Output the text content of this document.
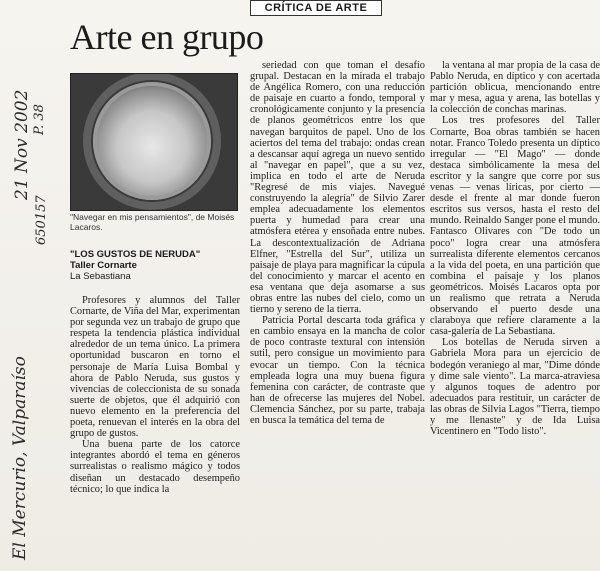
CRÍTICA DE ARTE
Arte en grupo
"Navegar en mis pensamientos", de Moisés Lacaros.
"LOS GUSTOS DE NERUDA"
Taller Cornarte
La Sebastiana

Profesores y alumnos del Taller Cornarte, de Viña del Mar, experimentan por segunda vez un trabajo de grupo que respeta la tendencia plástica individual alrededor de un tema único. La primera oportunidad buscaron en torno el personaje de María Luisa Bombal y ahora de Pablo Neruda, sus gustos y vivencias de coleccionista de su sonada suerte de objetos, que él adquirió con nuevo elemento en la preferencia del poeta, renuevan el interés en la obra del grupo de gustos.

Una buena parte de los catorce integrantes abordó el tema en géneros surrealistas o realismo mágico y todos diseñan un destacado desempeño técnico; lo que indica la

seriedad con que toman el desafío grupal. Destacan en la mirada el trabajo de Angélica Romero, con una reducción de paisaje en cuarto a fondo, temporal y cronológicamente conjunto y la presencia de planos geométricos entre los que navegan barquitos de papel. Uno de los aciertos del tema del trabajo: ondas crean a descansar aquí agrega un nuevo sentido al "navegar en papel", que a su vez, implica en todo el arte de Neruda "Regresé de mis viajes. Navegué construyendo la alegría" de Silvio Zarer emplea adecuadamente los elementos puerta y humedad para crear una atmósfera etérea y ensoñada entre nubes. La descontextualización de Adriana Elfner, "Estrella del Sur", utiliza un paisaje de playa para magnificar la cúpula del conocimiento y marcar el acento en esa ventana que deja asomarse a sus obras entre las nubes del cielo, como un tierno y sereno de la tierra.

Patricia Portal descarta toda gráfica y en cambio ensaya en la mancha de color de poco contraste textural con intensión sutil, pero consigue un movimiento para evocar un tiempo. Con la técnica empleada logra una muy buena figura femenina con carácter, de contraste que han de ofrecerse las mujeres del Nobel. Clemencia Sánchez, por su parte, trabaja en busca la temática del tema de

la ventana al mar propia de la casa de Pablo Neruda, en díptico y con acertada partición oblicua, mencionando entre mar y mesa, agua y arena, las botellas y la colección de conchas marinas.

Los tres profesores del Taller Cornarte, Boa obras también se hacen notar. Franco Toledo presenta un díptico irregular — "El Mago" — donde destaca simbólicamente la mesa del escritor y la sangre que corre por sus venas — venas líricas, por cierto — desde el frente al mar donde fueron escritos sus versos, hasta el resto del mundo. Reinaldo Sanger pone el mundo. Fantasco Olivares con "De todo un poco" logra crear una atmósfera surrealista diferente elementos cercanos a la vida del poeta, en una partición que combina el paisaje y los planos geométricos. Moisés Lacaros opta por un realismo que retrata a Neruda observando el puerto desde una claraboya que refiere claramente a la casa-galería de La Sebastiana.

Los botellas de Neruda sirven a Gabriela Mora para un ejercicio de bodegón veraniego al mar, "Dime dónde y dime sale viento". La marca-atraviesa y algunos toques de adentro por adecuados para restituir, un carácter de las obras de Silvia Lagos "Tierra, tiempo y me llenaste" y de Ida Luisa Vicentinero en "Todo listo".

El Mercurio, Valparaíso
21 Nov 2002
650157
P. 38
